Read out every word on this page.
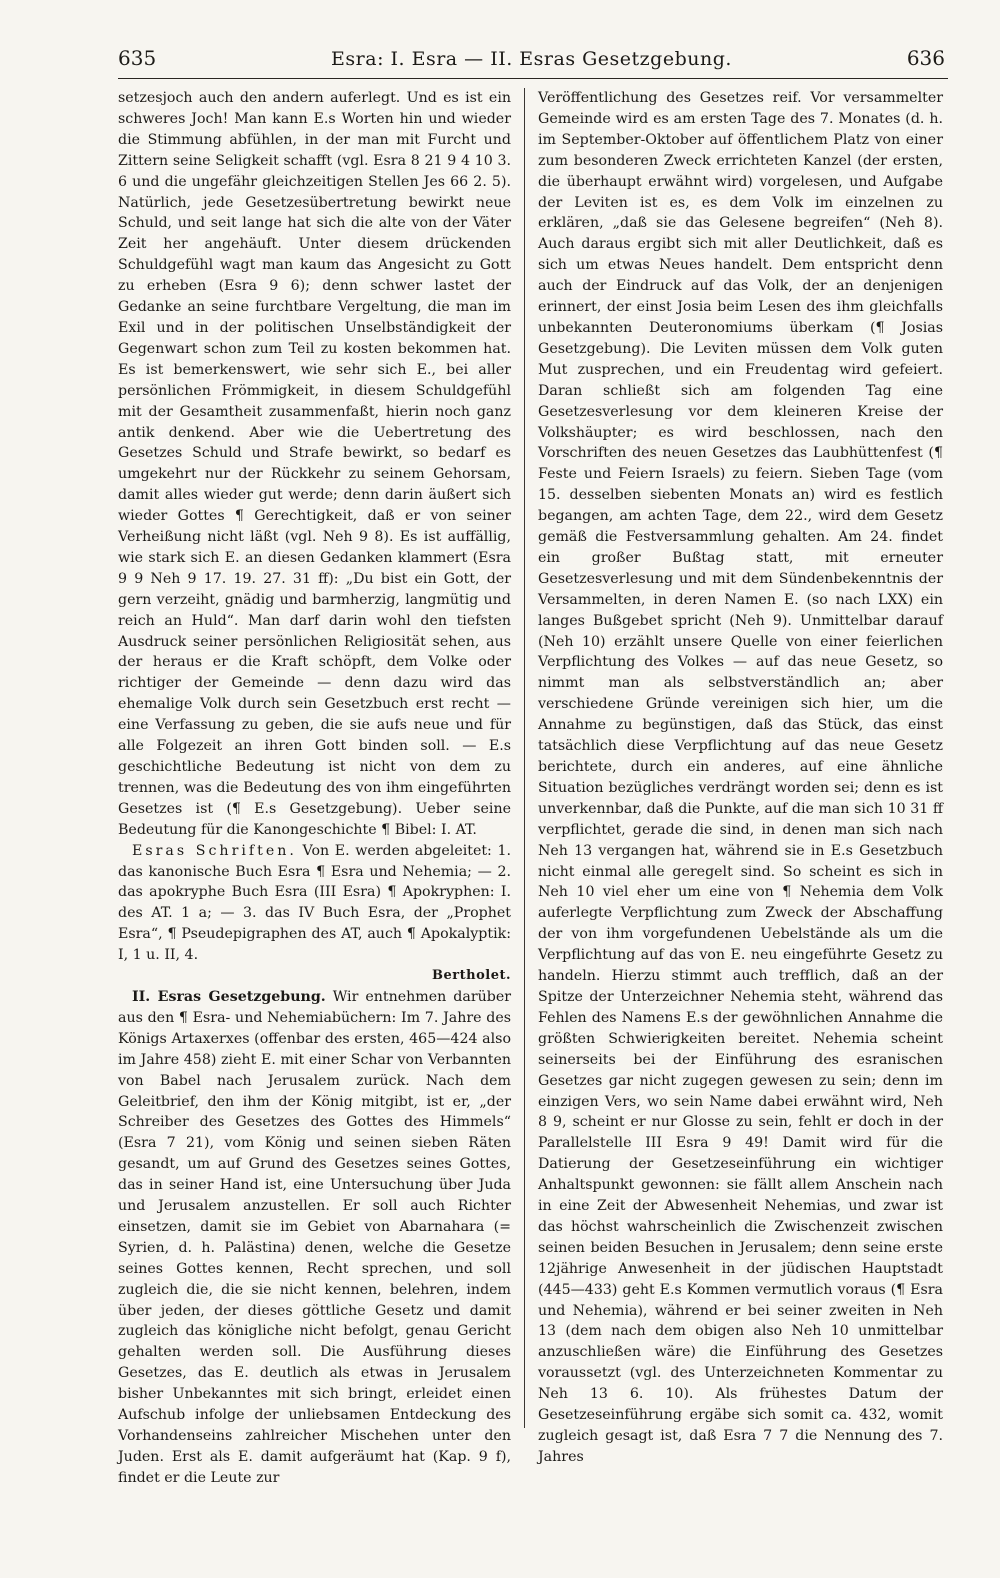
635	Esra: I. Esra — II. Esras Gesetzgebung.	636

setzesjoch auch den andern auferlegt. Und es ist ein schweres Joch! Man kann E.s Worten hin und wieder die Stimmung abfühlen, in der man mit Furcht und Zittern seine Seligkeit schafft (vgl. Esra 8 21 9 4 10 3. 6 und die ungefähr gleichzeitigen Stellen Jes 66 2. 5). Natürlich, jede Gesetzesübertretung bewirkt neue Schuld, und seit lange hat sich die alte von der Väter Zeit her angehäuft. Unter diesem drückenden Schuldgefühl wagt man kaum das Angesicht zu Gott zu erheben (Esra 9 6); denn schwer lastet der Gedanke an seine furchtbare Vergeltung, die man im Exil und in der politischen Unselbständigkeit der Gegenwart schon zum Teil zu kosten bekommen hat. Es ist bemerkenswert, wie sehr sich E., bei aller persönlichen Frömmigkeit, in diesem Schuldgefühl mit der Gesamtheit zusammenfaßt, hierin noch ganz antik denkend. Aber wie die Uebertretung des Gesetzes Schuld und Strafe bewirkt, so bedarf es umgekehrt nur der Rückkehr zu seinem Gehorsam, damit alles wieder gut werde; denn darin äußert sich wieder Gottes ¶ Gerechtigkeit, daß er von seiner Verheißung nicht läßt (vgl. Neh 9 8). Es ist auffällig, wie stark sich E. an diesen Gedanken klammert (Esra 9 9 Neh 9 17. 19. 27. 31 ff): „Du bist ein Gott, der gern verzeiht, gnädig und barmherzig, langmütig und reich an Huld“. Man darf darin wohl den tiefsten Ausdruck seiner persönlichen Religiosität sehen, aus der heraus er die Kraft schöpft, dem Volke oder richtiger der Gemeinde — denn dazu wird das ehemalige Volk durch sein Gesetzbuch erst recht — eine Verfassung zu geben, die sie aufs neue und für alle Folgezeit an ihren Gott binden soll. — E.s geschichtliche Bedeutung ist nicht von dem zu trennen, was die Bedeutung des von ihm eingeführten Gesetzes ist (¶ E.s Gesetzgebung). Ueber seine Bedeutung für die Kanongeschichte ¶ Bibel: I. AT.

Esras Schriften. Von E. werden abgeleitet: 1. das kanonische Buch Esra ¶ Esra und Nehemia; — 2. das apokryphe Buch Esra (III Esra) ¶ Apokryphen: I. des AT. 1 a; — 3. das IV Buch Esra, der „Prophet Esra“, ¶ Pseudepigraphen des AT, auch ¶ Apokalyptik: I, 1 u. II, 4.

Bertholet.

II. Esras Gesetzgebung. Wir entnehmen darüber aus den ¶ Esra- und Nehemiabüchern: Im 7. Jahre des Königs Artaxerxes (offenbar des ersten, 465—424 also im Jahre 458) zieht E. mit einer Schar von Verbannten von Babel nach Jerusalem zurück. Nach dem Geleitbrief, den ihm der König mitgibt, ist er, „der Schreiber des Gesetzes des Gottes des Himmels“ (Esra 7 21), vom König und seinen sieben Räten gesandt, um auf Grund des Gesetzes seines Gottes, das in seiner Hand ist, eine Untersuchung über Juda und Jerusalem anzustellen. Er soll auch Richter einsetzen, damit sie im Gebiet von Abarnahara (= Syrien, d. h. Palästina) denen, welche die Gesetze seines Gottes kennen, Recht sprechen, und soll zugleich die, die sie nicht kennen, belehren, indem über jeden, der dieses göttliche Gesetz und damit zugleich das königliche nicht befolgt, genau Gericht gehalten werden soll. Die Ausführung dieses Gesetzes, das E. deutlich als etwas in Jerusalem bisher Unbekanntes mit sich bringt, erleidet einen Aufschub infolge der unliebsamen Entdeckung des Vorhandenseins zahlreicher Mischehen unter den Juden. Erst als E. damit aufgeräumt hat (Kap. 9 f), findet er die Leute zur

Veröffentlichung des Gesetzes reif. Vor versammelter Gemeinde wird es am ersten Tage des 7. Monates (d. h. im September-Oktober auf öffentlichem Platz von einer zum besonderen Zweck errichteten Kanzel (der ersten, die überhaupt erwähnt wird) vorgelesen, und Aufgabe der Leviten ist es, es dem Volk im einzelnen zu erklären, „daß sie das Gelesene begreifen“ (Neh 8). Auch daraus ergibt sich mit aller Deutlichkeit, daß es sich um etwas Neues handelt. Dem entspricht denn auch der Eindruck auf das Volk, der an denjenigen erinnert, der einst Josia beim Lesen des ihm gleichfalls unbekannten Deuteronomiums überkam (¶ Josias Gesetzgebung). Die Leviten müssen dem Volk guten Mut zusprechen, und ein Freudentag wird gefeiert. Daran schließt sich am folgenden Tag eine Gesetzesverlesung vor dem kleineren Kreise der Volkshäupter; es wird beschlossen, nach den Vorschriften des neuen Gesetzes das Laubhüttenfest (¶ Feste und Feiern Israels) zu feiern. Sieben Tage (vom 15. desselben siebenten Monats an) wird es festlich begangen, am achten Tage, dem 22., wird dem Gesetz gemäß die Festversammlung gehalten. Am 24. findet ein großer Bußtag statt, mit erneuter Gesetzesverlesung und mit dem Sündenbekenntnis der Versammelten, in deren Namen E. (so nach LXX) ein langes Bußgebet spricht (Neh 9). Unmittelbar darauf (Neh 10) erzählt unsere Quelle von einer feierlichen Verpflichtung des Volkes — auf das neue Gesetz, so nimmt man als selbstverständlich an; aber verschiedene Gründe vereinigen sich hier, um die Annahme zu begünstigen, daß das Stück, das einst tatsächlich diese Verpflichtung auf das neue Gesetz berichtete, durch ein anderes, auf eine ähnliche Situation bezügliches verdrängt worden sei; denn es ist unverkennbar, daß die Punkte, auf die man sich 10 31 ff verpflichtet, gerade die sind, in denen man sich nach Neh 13 vergangen hat, während sie in E.s Gesetzbuch nicht einmal alle geregelt sind. So scheint es sich in Neh 10 viel eher um eine von ¶ Nehemia dem Volk auferlegte Verpflichtung zum Zweck der Abschaffung der von ihm vorgefundenen Uebelstände als um die Verpflichtung auf das von E. neu eingeführte Gesetz zu handeln. Hierzu stimmt auch trefflich, daß an der Spitze der Unterzeichner Nehemia steht, während das Fehlen des Namens E.s der gewöhnlichen Annahme die größten Schwierigkeiten bereitet. Nehemia scheint seinerseits bei der Einführung des esranischen Gesetzes gar nicht zugegen gewesen zu sein; denn im einzigen Vers, wo sein Name dabei erwähnt wird, Neh 8 9, scheint er nur Glosse zu sein, fehlt er doch in der Parallelstelle III Esra 9 49! Damit wird für die Datierung der Gesetzeseinführung ein wichtiger Anhaltspunkt gewonnen: sie fällt allem Anschein nach in eine Zeit der Abwesenheit Nehemias, und zwar ist das höchst wahrscheinlich die Zwischenzeit zwischen seinen beiden Besuchen in Jerusalem; denn seine erste 12jährige Anwesenheit in der jüdischen Hauptstadt (445—433) geht E.s Kommen vermutlich voraus (¶ Esra und Nehemia), während er bei seiner zweiten in Neh 13 (dem nach dem obigen also Neh 10 unmittelbar anzuschließen wäre) die Einführung des Gesetzes voraussetzt (vgl. des Unterzeichneten Kommentar zu Neh 13 6. 10). Als frühestes Datum der Gesetzeseinführung ergäbe sich somit ca. 432, womit zugleich gesagt ist, daß Esra 7 7 die Nennung des 7. Jahres
